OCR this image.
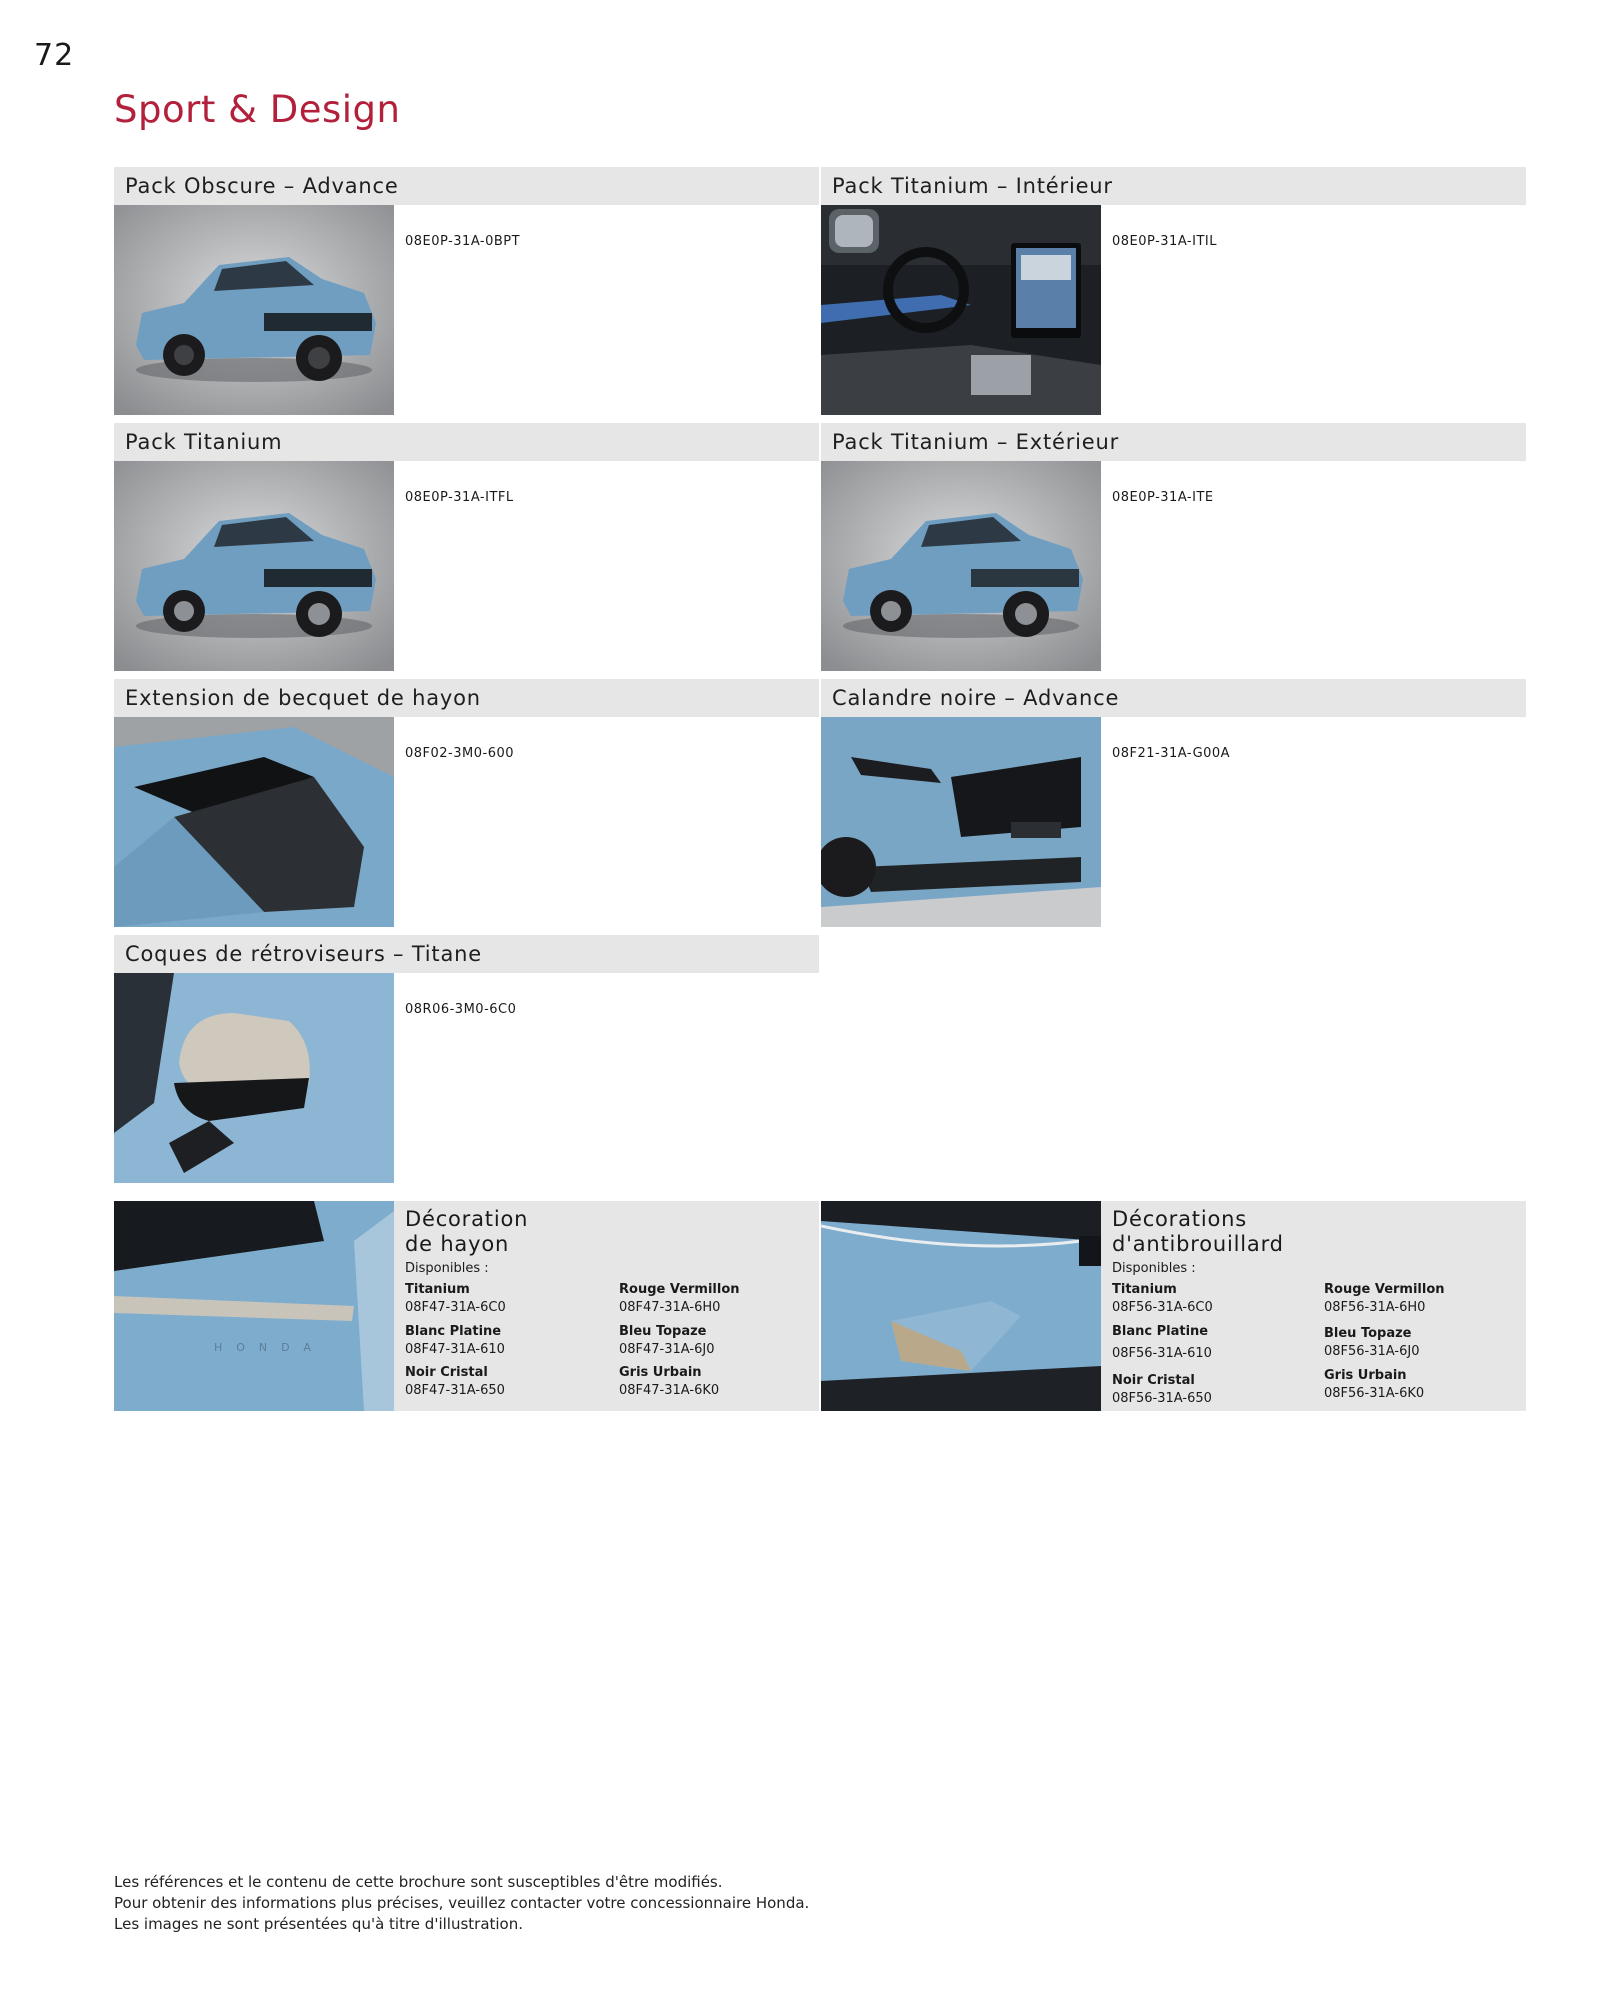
72
Sport & Design
Pack Obscure – Advance
08E0P-31A-0BPT
Pack Titanium – Intérieur
08E0P-31A-ITIL
Pack Titanium
08E0P-31A-ITFL
Pack Titanium – Extérieur
08E0P-31A-ITE
Extension de becquet de hayon
08F02-3M0-600
Calandre noire – Advance
08F21-31A-G00A
Coques de rétroviseurs – Titane
08R06-3M0-6C0
HONDA
Décoration
de hayon
Disponibles :
Titanium
08F47-31A-6C0
Rouge Vermillon
08F47-31A-6H0
Blanc Platine
08F47-31A-610
Bleu Topaze
08F47-31A-6J0
Noir Cristal
08F47-31A-650
Gris Urbain
08F47-31A-6K0
Décorations
d'antibrouillard
Disponibles :
Titanium
08F56-31A-6C0
Rouge Vermillon
08F56-31A-6H0
Blanc Platine
08F56-31A-610
Bleu Topaze
08F56-31A-6J0
Noir Cristal
08F56-31A-650
Gris Urbain
08F56-31A-6K0
Les références et le contenu de cette brochure sont susceptibles d'être modifiés.
Pour obtenir des informations plus précises, veuillez contacter votre concessionnaire Honda.
Les images ne sont présentées qu'à titre d'illustration.
